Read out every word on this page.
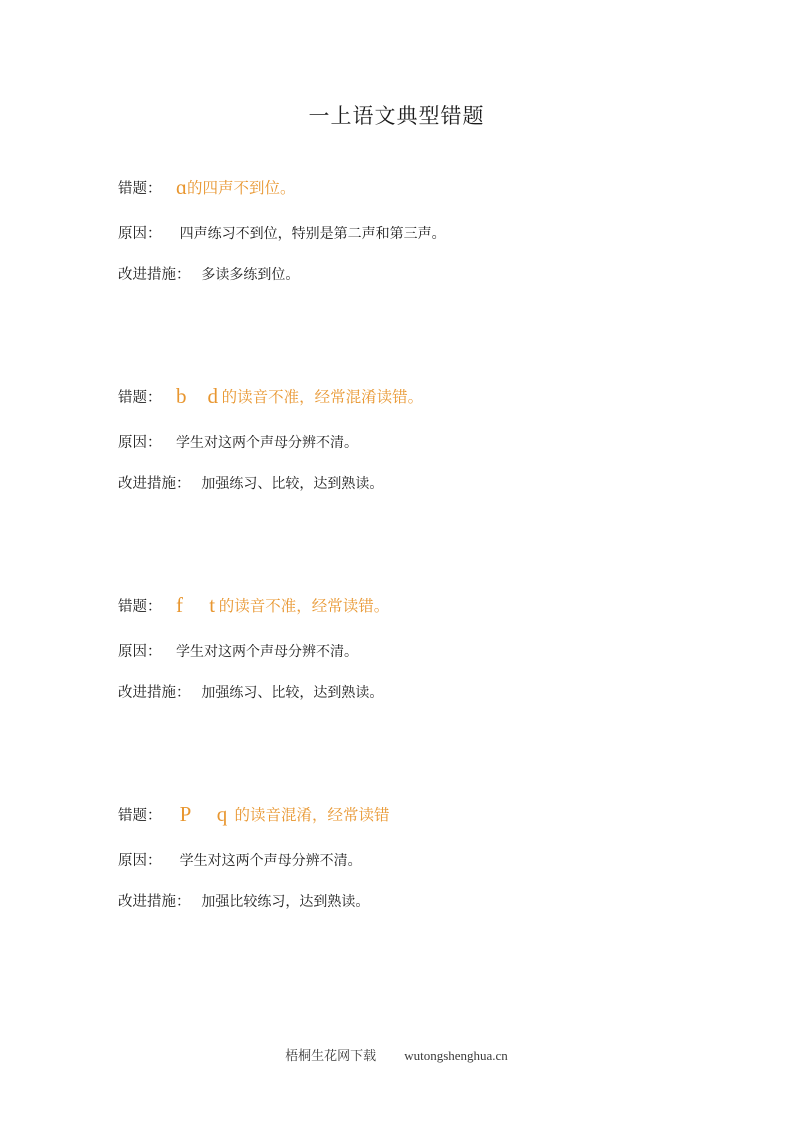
一上语文典型错题
错题： ɑ的四声不到位。
原因： 四声练习不到位，特别是第二声和第三声。
改进措施： 多读多练到位。
错题： b    d 的读音不准，经常混淆读错。
原因： 学生对这两个声母分辨不清。
改进措施： 加强练习、比较，达到熟读。
错题： f     t 的读音不准，经常读错。
原因： 学生对这两个声母分辨不清。
改进措施： 加强练习、比较，达到熟读。
错题： P     q 的读音混淆，经常读错
原因： 学生对这两个声母分辨不清。
改进措施： 加强比较练习，达到熟读。
梧桐生花网下载 wutongshenghua.cn
